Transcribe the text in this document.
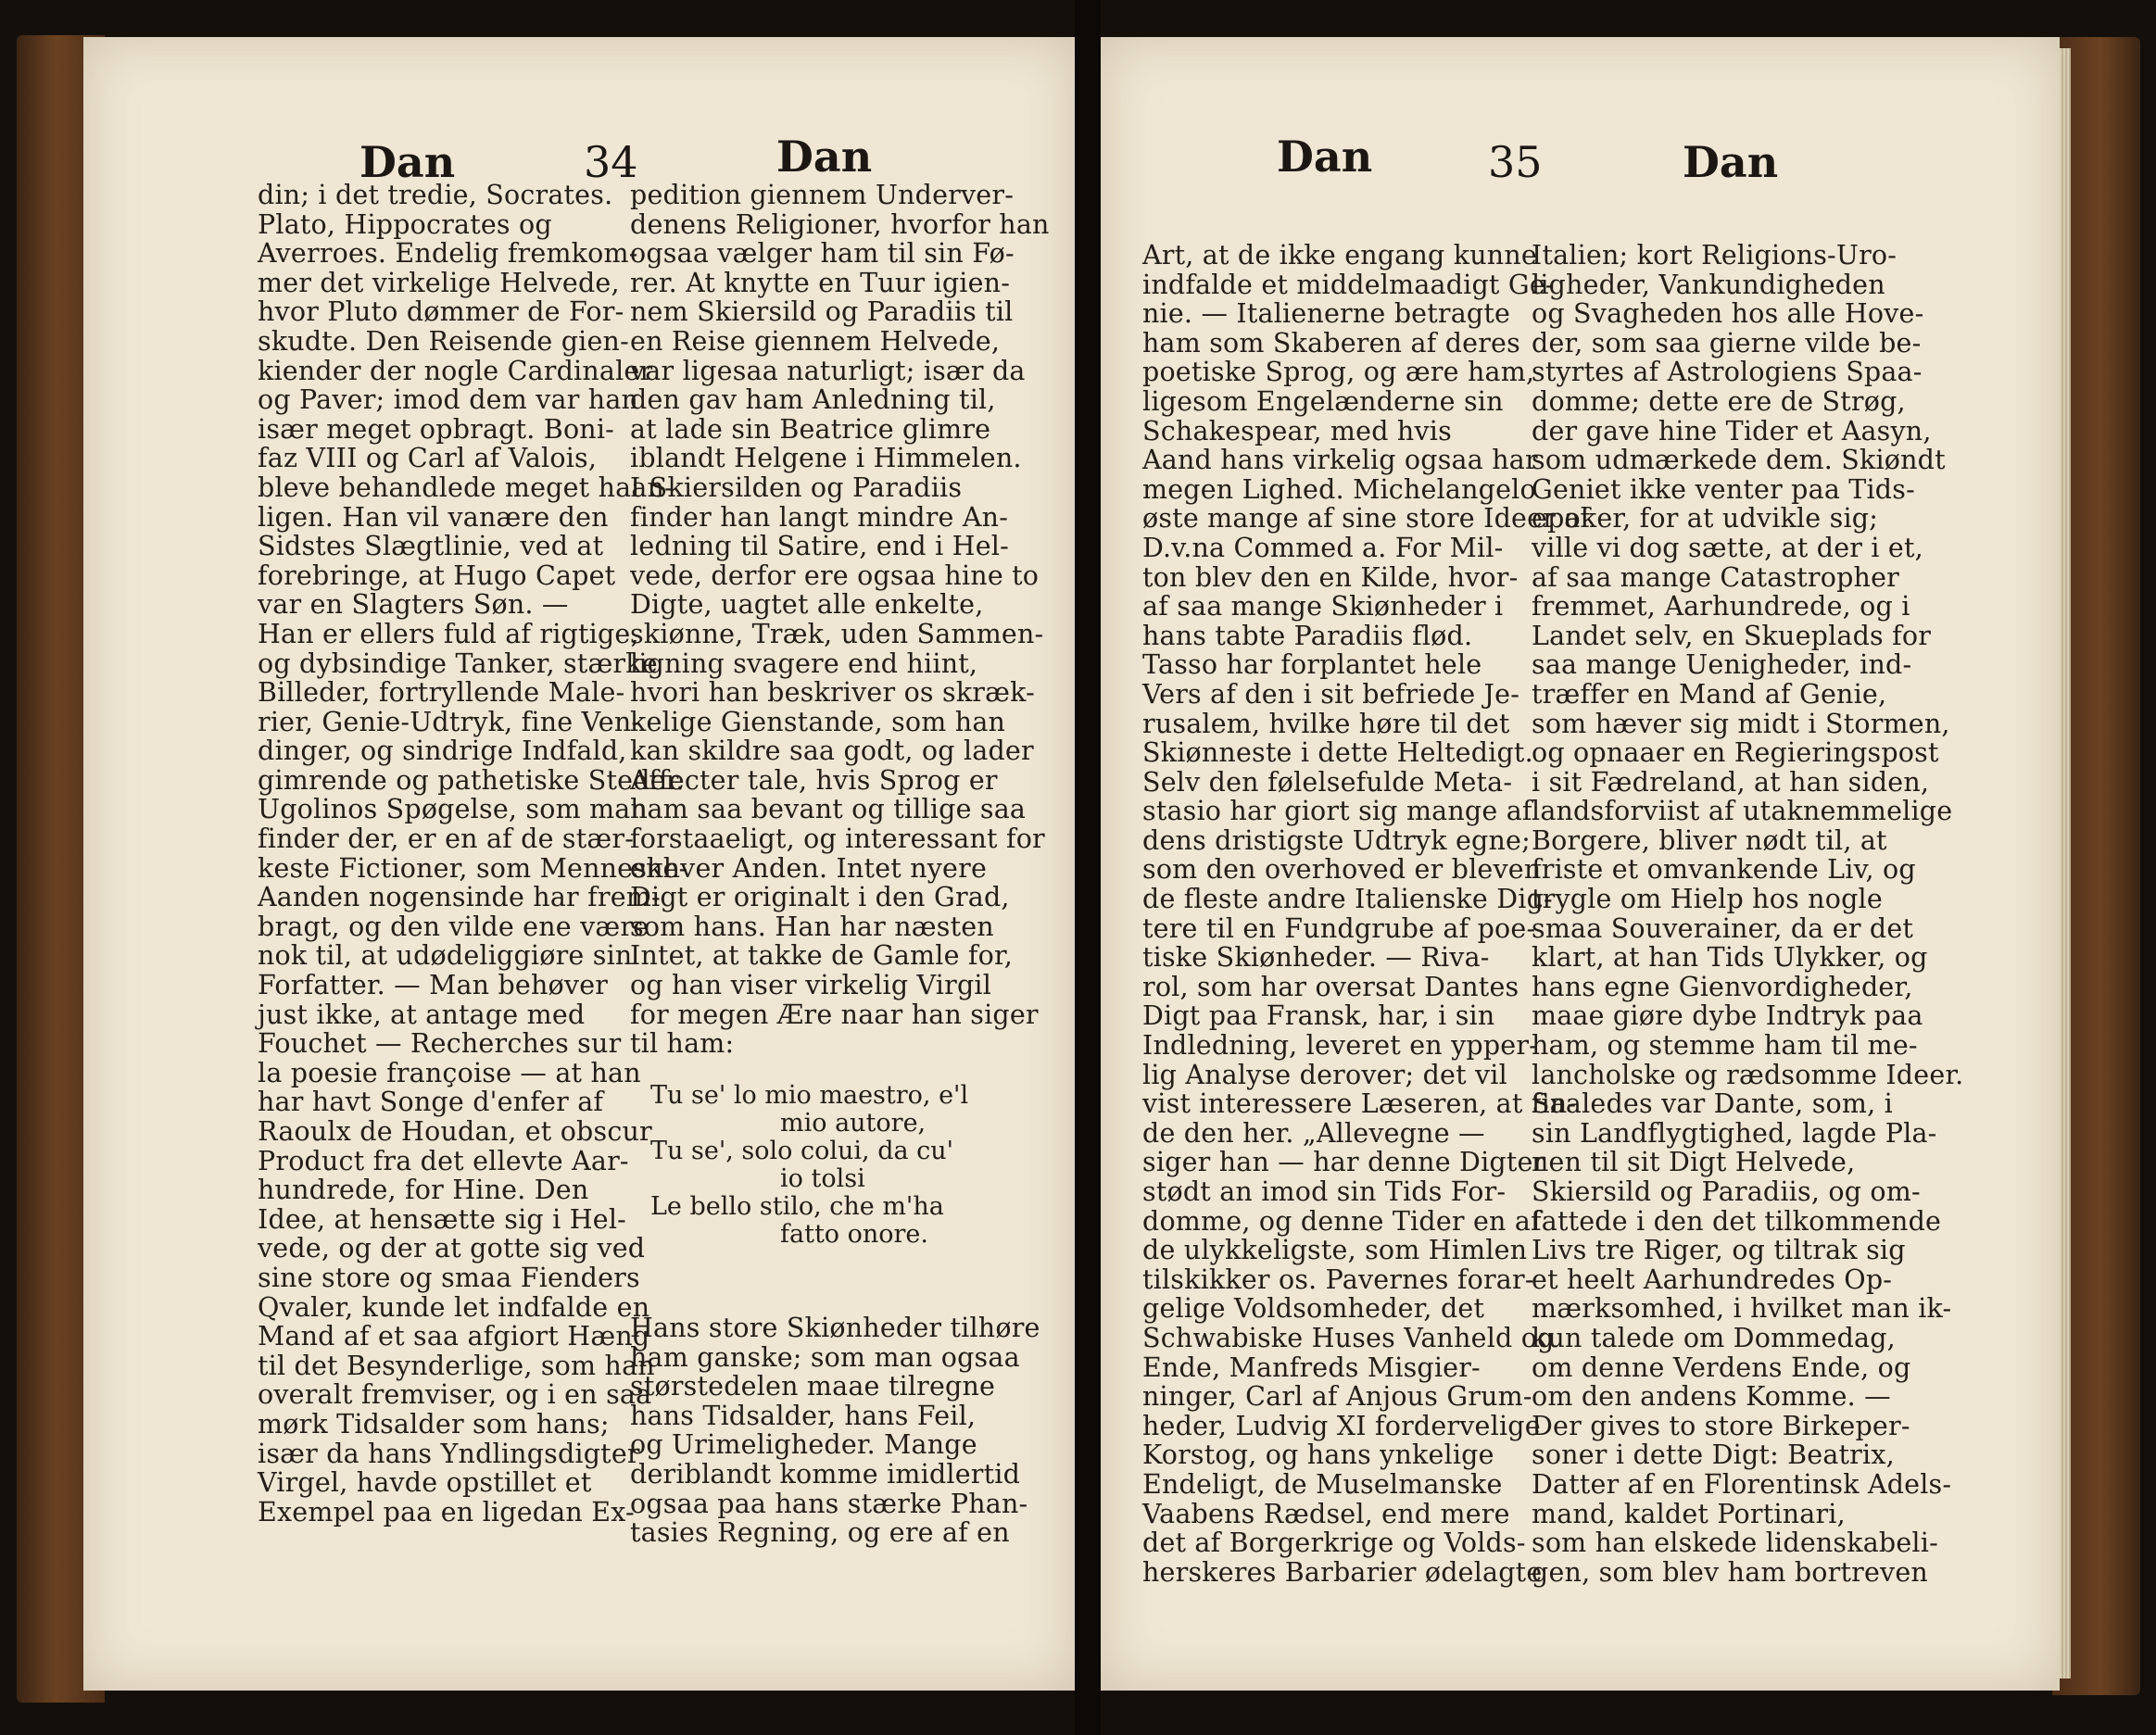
Dan	34	Dan
din; i det tredie, Socrates.
Plato, Hippocrates og
Averroes. Endelig fremkom-
mer det virkelige Helvede,
hvor Pluto dømmer de For-
skudte. Den Reisende gien-
kiender der nogle Cardinaler
og Paver; imod dem var han
især meget opbragt. Boni-
faz VIII og Carl af Valois,
bleve behandlede meget haan-
ligen. Han vil vanære den
Sidstes Slægtlinie, ved at
forebringe, at Hugo Capet
var en Slagters Søn. —
Han er ellers fuld af rigtige,
og dybsindige Tanker, stærke
Billeder, fortryllende Male-
rier, Genie-Udtryk, fine Ven-
dinger, og sindrige Indfald,
gimrende og pathetiske Steder.
Ugolinos Spøgelse, som man
finder der, er en af de stær-
keste Fictioner, som Menneske-
Aanden nogensinde har frem-
bragt, og den vilde ene være
nok til, at udødeliggiøre sin
Forfatter. — Man behøver
just ikke, at antage med
Fouchet — Recherches sur
la poesie françoise — at han
har havt Songe d'enfer af
Raoulx de Houdan, et obscur
Product fra det ellevte Aar-
hundrede, for Hine. Den
Idee, at hensætte sig i Hel-
vede, og der at gotte sig ved
sine store og smaa Fienders
Qvaler, kunde let indfalde en
Mand af et saa afgiort Hæng
til det Besynderlige, som han
overalt fremviser, og i en saa
mørk Tidsalder som hans;
især da hans Yndlingsdigter
Virgel, havde opstillet et
Exempel paa en ligedan Ex-
pedition giennem Underver-
denens Religioner, hvorfor han
ogsaa vælger ham til sin Fø-
rer. At knytte en Tuur igien-
nem Skiersild og Paradiis til
en Reise giennem Helvede,
var ligesaa naturligt; især da
den gav ham Anledning til,
at lade sin Beatrice glimre
iblandt Helgene i Himmelen.
I Skiersilden og Paradiis
finder han langt mindre An-
ledning til Satire, end i Hel-
vede, derfor ere ogsaa hine to
Digte, uagtet alle enkelte,
skiønne, Træk, uden Sammen-
ligning svagere end hiint,
hvori han beskriver os skræk-
kelige Gienstande, som han
kan skildre saa godt, og lader
Affecter tale, hvis Sprog er
ham saa bevant og tillige saa
forstaaeligt, og interessant for
enhver Anden. Intet nyere
Digt er originalt i den Grad,
som hans. Han har næsten
Intet, at takke de Gamle for,
og han viser virkelig Virgil
for megen Ære naar han siger
til ham:
Tu se' lo mio maestro, e'l
mio autore,
Tu se', solo colui, da cu'
io tolsi
Le bello stilo, che m'ha
fatto onore.
Hans store Skiønheder tilhøre
ham ganske; som man ogsaa
størstedelen maae tilregne
hans Tidsalder, hans Feil,
og Urimeligheder. Mange
deriblandt komme imidlertid
ogsaa paa hans stærke Phan-
tasies Regning, og ere af en
Dan	35	Dan
Art, at de ikke engang kunne
indfalde et middelmaadigt Ge-
nie. — Italienerne betragte
ham som Skaberen af deres
poetiske Sprog, og ære ham,
ligesom Engelænderne sin
Schakespear, med hvis
Aand hans virkelig ogsaa har
megen Lighed. Michelangelo
øste mange af sine store Ideer af
D.v.na Commed a. For Mil-
ton blev den en Kilde, hvor-
af saa mange Skiønheder i
hans tabte Paradiis flød.
Tasso har forplantet hele
Vers af den i sit befriede Je-
rusalem, hvilke høre til det
Skiønneste i dette Heltedigt.
Selv den følelsefulde Meta-
stasio har giort sig mange af
dens dristigste Udtryk egne;
som den overhoved er bleven
de fleste andre Italienske Dig-
tere til en Fundgrube af poe-
tiske Skiønheder. — Riva-
rol, som har oversat Dantes
Digt paa Fransk, har, i sin
Indledning, leveret en ypper-
lig Analyse derover; det vil
vist interessere Læseren, at fin-
de den her. „Allevegne —
siger han — har denne Digter
stødt an imod sin Tids For-
domme, og denne Tider en af
de ulykkeligste, som Himlen
tilskikker os. Pavernes forar-
gelige Voldsomheder, det
Schwabiske Huses Vanheld og
Ende, Manfreds Misgier-
ninger, Carl af Anjous Grum-
heder, Ludvig XI fordervelige
Korstog, og hans ynkelige
Endeligt, de Muselmanske
Vaabens Rædsel, end mere
det af Borgerkrige og Volds-
herskeres Barbarier ødelagte
Italien; kort Religions-Uro-
ligheder, Vankundigheden
og Svagheden hos alle Hove-
der, som saa gierne vilde be-
styrtes af Astrologiens Spaa-
domme; dette ere de Strøg,
der gave hine Tider et Aasyn,
som udmærkede dem. Skiøndt
Geniet ikke venter paa Tids-
epoker, for at udvikle sig;
ville vi dog sætte, at der i et,
af saa mange Catastropher
fremmet, Aarhundrede, og i
Landet selv, en Skueplads for
saa mange Uenigheder, ind-
træffer en Mand af Genie,
som hæver sig midt i Stormen,
og opnaaer en Regieringspost
i sit Fædreland, at han siden,
landsforviist af utaknemmelige
Borgere, bliver nødt til, at
friste et omvankende Liv, og
trygle om Hielp hos nogle
smaa Souverainer, da er det
klart, at han Tids Ulykker, og
hans egne Gienvordigheder,
maae giøre dybe Indtryk paa
ham, og stemme ham til me-
lancholske og rædsomme Ideer.
Saaledes var Dante, som, i
sin Landflygtighed, lagde Pla-
nen til sit Digt Helvede,
Skiersild og Paradiis, og om-
fattede i den det tilkommende
Livs tre Riger, og tiltrak sig
et heelt Aarhundredes Op-
mærksomhed, i hvilket man ik-
kun talede om Dommedag,
om denne Verdens Ende, og
om den andens Komme. —
Der gives to store Birkeper-
soner i dette Digt: Beatrix,
Datter af en Florentinsk Adels-
mand, kaldet Portinari,
som han elskede lidenskabeli-
gen, som blev ham bortreven
